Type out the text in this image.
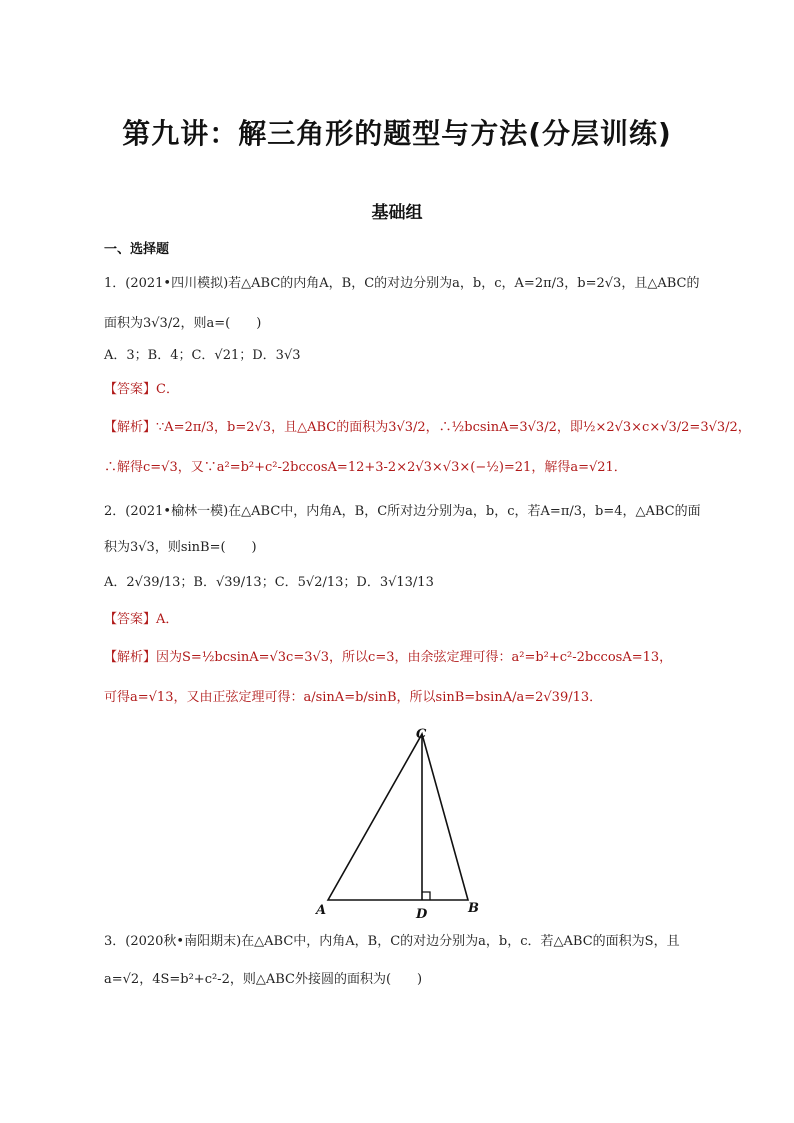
第九讲：解三角形的题型与方法(分层训练)
基础组
一、选择题
1．(2021•四川模拟)若△ABC的内角A，B，C的对边分别为a，b，c，A=2π/3，b=2√3，且△ABC的
面积为3√3/2，则a=(　　)
A．3；B．4；C．√21；D．3√3
【答案】C．
【解析】∵A=2π/3，b=2√3，且△ABC的面积为3√3/2，∴½bcsinA=3√3/2，即½×2√3×c×√3/2=3√3/2，
∴解得c=√3，又∵a²=b²+c²-2bccosA=12+3-2×2√3×√3×(−½)=21，解得a=√21．
2．(2021•榆林一模)在△ABC中，内角A，B，C所对边分别为a，b，c，若A=π/3，b=4，△ABC的面
积为3√3，则sinB=(　　)
A．2√39/13；B．√39/13；C．5√2/13；D．3√13/13
【答案】A．
【解析】因为S=½bcsinA=√3c=3√3，所以c=3，由余弦定理可得：a²=b²+c²-2bccosA=13，
可得a=√13，又由正弦定理可得：a/sinA=b/sinB，所以sinB=bsinA/a=2√39/13．
A	B
C
D
3．(2020秋•南阳期末)在△ABC中，内角A，B，C的对边分别为a，b，c．若△ABC的面积为S，且
a=√2，4S=b²+c²-2，则△ABC外接圆的面积为(　　)
